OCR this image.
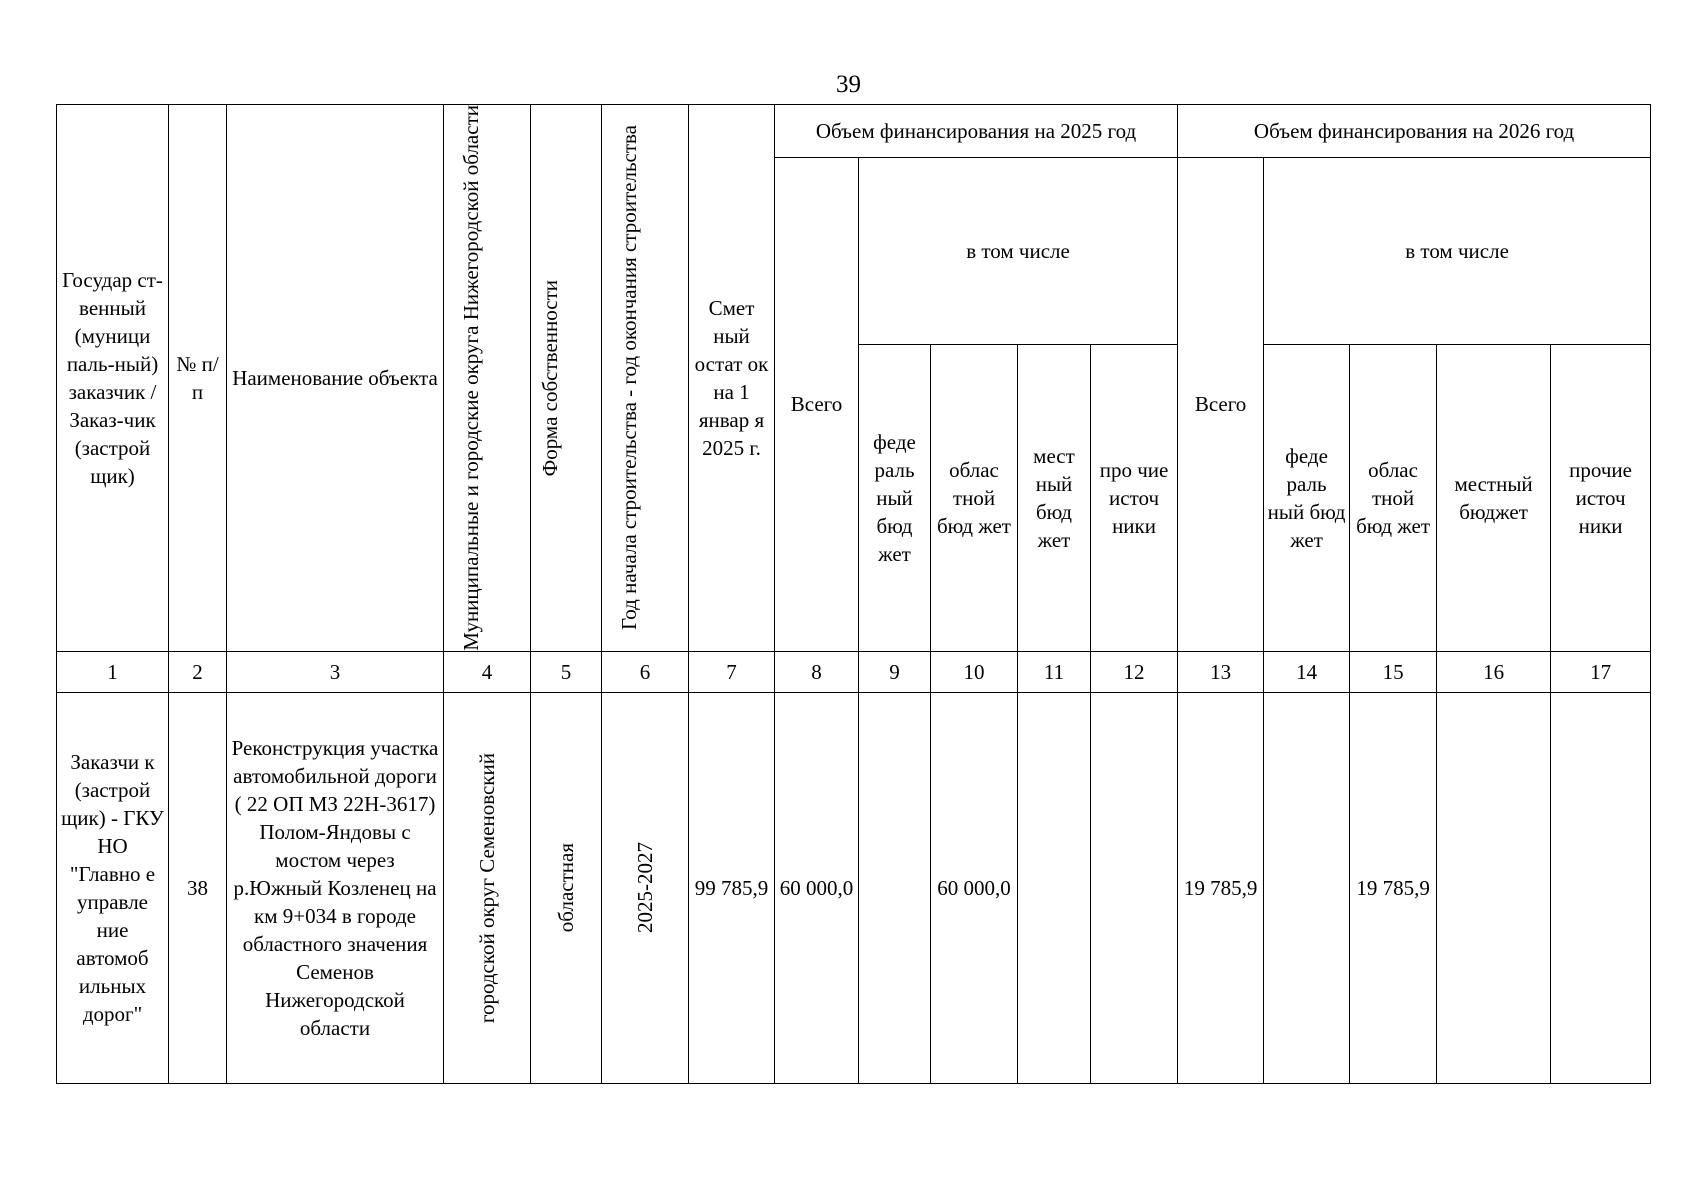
39
Государ ст-венный (муници паль-ный) заказчик / Заказ-чик (застрой щик)	№ п/п	Наименование объекта	Муниципальные и городские округа Нижегородской области	Форма собственности	Год начала строительства - год окончания строительства	Смет ный остат ок на 1 январ я 2025 г.	Объем финансирования на 2025 год					Объем финансирования на 2026 год				
							Всего	в том числе				Всего	в том числе			
								феде раль ный бюд жет	облас тной бюд жет	мест ный бюд жет	про чие источ ники		феде раль ный бюд жет	облас тной бюд жет	местный бюджет	прочие источ ники
1	2	3	4	5	6	7	8	9	10	11	12	13	14	15	16	17
Заказчи к (застрой щик) - ГКУ НО "Главно е управле ние автомоб ильных дорог"	38	Реконструкция участка автомобильной дороги ( 22 ОП МЗ 22Н-3617) Полом-Яндовы с мостом через р.Южный Козленец на км 9+034 в городе областного значения Семенов Нижегородской области	городской округ Семеновский	областная	2025-2027	99 785,9	60 000,0		60 000,0			19 785,9		19 785,9		
